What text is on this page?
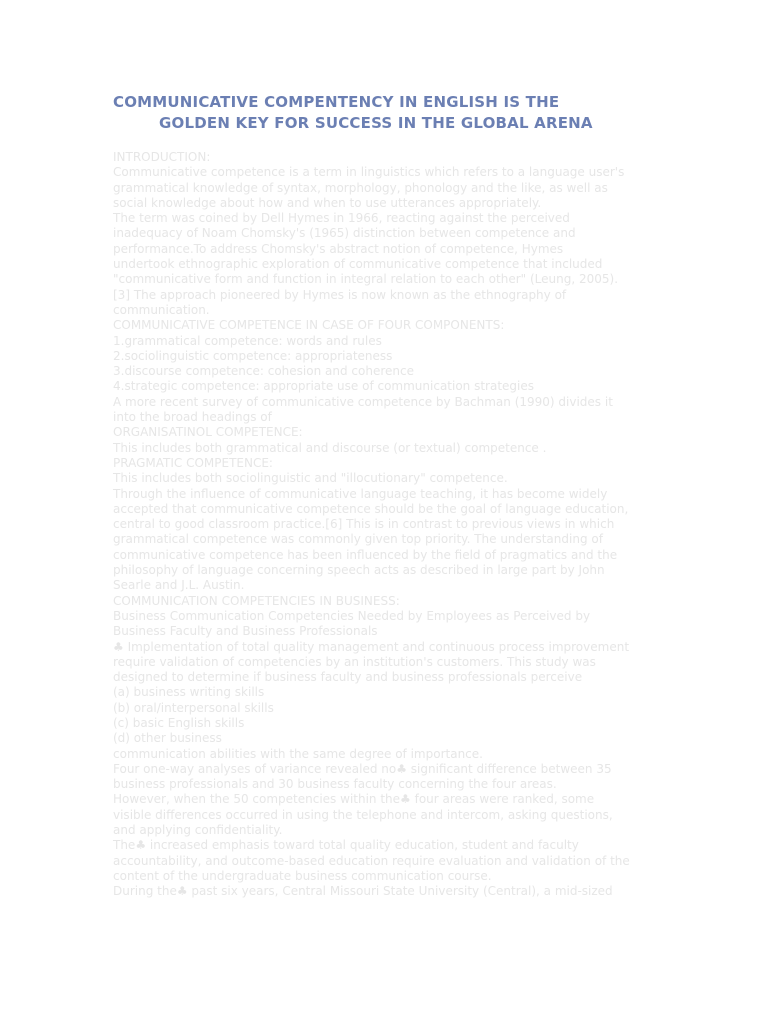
COMMUNICATIVE COMPENTENCY IN ENGLISH IS THE
GOLDEN KEY FOR SUCCESS IN THE GLOBAL ARENA
INTRODUCTION:
Communicative competence is a term in linguistics which refers to a language user's
grammatical knowledge of syntax, morphology, phonology and the like, as well as
social knowledge about how and when to use utterances appropriately.
The term was coined by Dell Hymes in 1966, reacting against the perceived
inadequacy of Noam Chomsky's (1965) distinction between competence and
performance.To address Chomsky's abstract notion of competence, Hymes
undertook ethnographic exploration of communicative competence that included
"communicative form and function in integral relation to each other" (Leung, 2005).
[3] The approach pioneered by Hymes is now known as the ethnography of
communication.
COMMUNICATIVE COMPETENCE IN CASE OF FOUR COMPONENTS:
1.grammatical competence: words and rules
2.sociolinguistic competence: appropriateness
3.discourse competence: cohesion and coherence
4.strategic competence: appropriate use of communication strategies
A more recent survey of communicative competence by Bachman (1990) divides it
into the broad headings of
ORGANISATINOL COMPETENCE:
This includes both grammatical and discourse (or textual) competence .
PRAGMATIC COMPETENCE:
This includes both sociolinguistic and "illocutionary" competence.
Through the influence of communicative language teaching, it has become widely
accepted that communicative competence should be the goal of language education,
central to good classroom practice.[6] This is in contrast to previous views in which
grammatical competence was commonly given top priority. The understanding of
communicative competence has been influenced by the field of pragmatics and the
philosophy of language concerning speech acts as described in large part by John
Searle and J.L. Austin.
COMMUNICATION COMPETENCIES IN BUSINESS:
Business Communication Competencies Needed by Employees as Perceived by
Business Faculty and Business Professionals
♣ Implementation of total quality management and continuous process improvement
require validation of competencies by an institution's customers. This study was
designed to determine if business faculty and business professionals perceive
(a) business writing skills
(b) oral/interpersonal skills
(c) basic English skills
(d) other business
communication abilities with the same degree of importance.
Four one-way analyses of variance revealed no♣ significant difference between 35
business professionals and 30 business faculty concerning the four areas.
However, when the 50 competencies within the♣ four areas were ranked, some
visible differences occurred in using the telephone and intercom, asking questions,
and applying confidentiality.
The♣ increased emphasis toward total quality education, student and faculty
accountability, and outcome-based education require evaluation and validation of the
content of the undergraduate business communication course.
During the♣ past six years, Central Missouri State University (Central), a mid-sized
